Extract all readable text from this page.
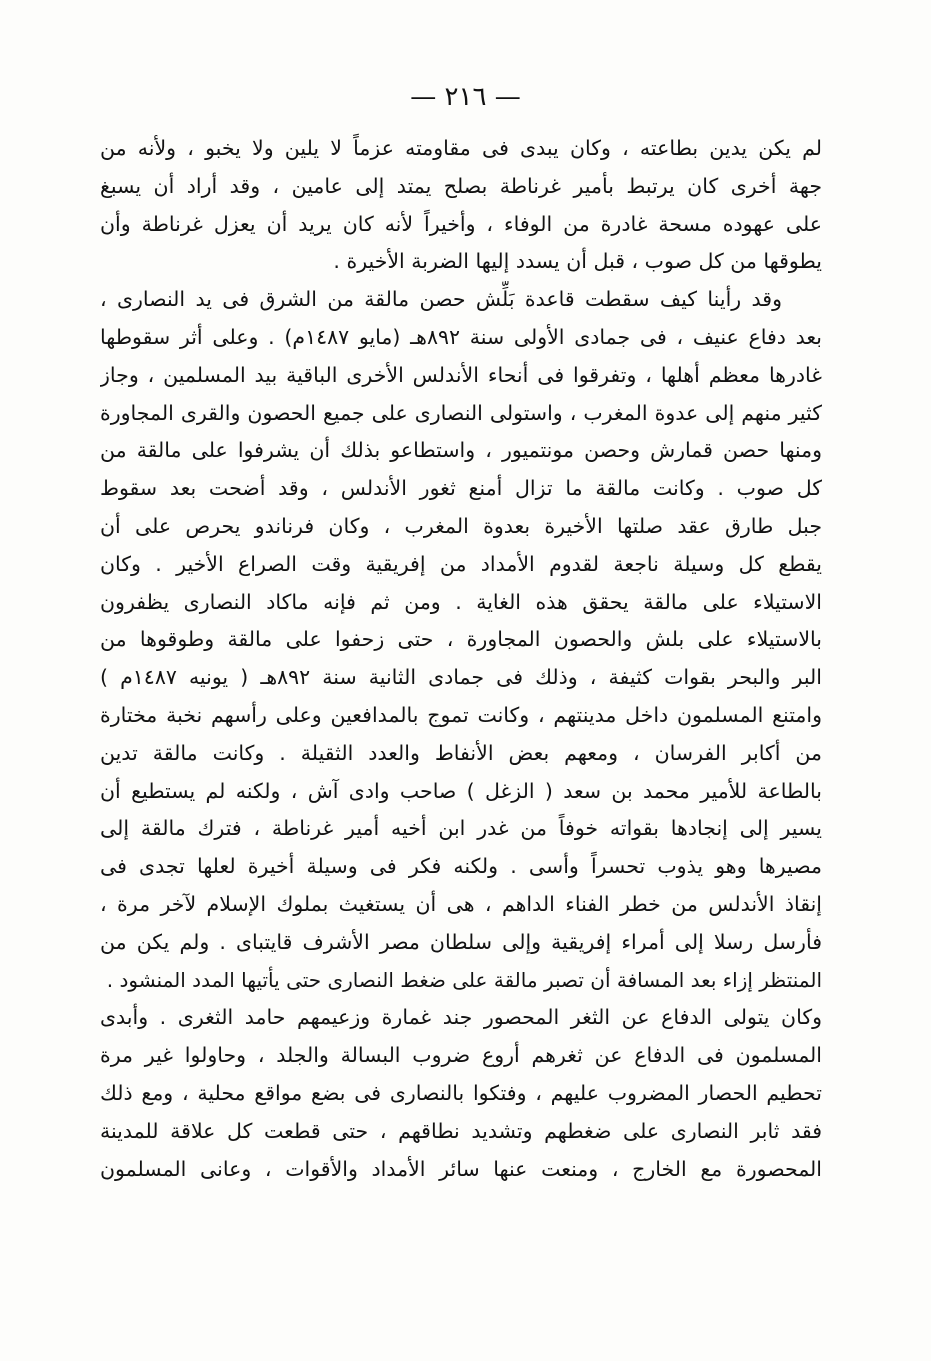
— ٢١٦ —
لم يكن يدين بطاعته ، وكان يبدى فى مقاومته عزماً لا يلين ولا يخبو ، ولأنه من
جهة أخرى كان يرتبط بأمير غرناطة بصلح يمتد إلى عامين ، وقد أراد أن يسبغ
على عهوده مسحة غادرة من الوفاء ، وأخيراً لأنه كان يريد أن يعزل غرناطة وأن
يطوقها من كل صوب ، قبل أن يسدد إليها الضربة الأخيرة .
وقد رأينا كيف سقطت قاعدة بَلِّش حصن مالقة من الشرق فى يد النصارى ،
بعد دفاع عنيف ، فى جمادى الأولى سنة ٨٩٢هـ (مايو ١٤٨٧م) . وعلى أثر سقوطها
غادرها معظم أهلها ، وتفرقوا فى أنحاء الأندلس الأخرى الباقية بيد المسلمين ، وجاز
كثير منهم إلى عدوة المغرب ، واستولى النصارى على جميع الحصون والقرى المجاورة
ومنها حصن قمارش وحصن مونتميور ، واستطاعو بذلك أن يشرفوا على مالقة من
كل صوب . وكانت مالقة ما تزال أمنع ثغور الأندلس ، وقد أضحت بعد سقوط
جبل طارق عقد صلتها الأخيرة بعدوة المغرب ، وكان فرناندو يحرص على أن
يقطع كل وسيلة ناجعة لقدوم الأمداد من إفريقية وقت الصراع الأخير . وكان
الاستيلاء على مالقة يحقق هذه الغاية . ومن ثم فإنه ماكاد النصارى يظفرون
بالاستيلاء على بلش والحصون المجاورة ، حتى زحفوا على مالقة وطوقوها من
البر والبحر بقوات كثيفة ، وذلك فى جمادى الثانية سنة ٨٩٢هـ ( يونيه ١٤٨٧م )
وامتنع المسلمون داخل مدينتهم ، وكانت تموج بالمدافعين وعلى رأسهم نخبة مختارة
من أكابر الفرسان ، ومعهم بعض الأنفاط والعدد الثقيلة . وكانت مالقة تدين
بالطاعة للأمير محمد بن سعد ( الزغل ) صاحب وادى آش ، ولكنه لم يستطيع أن
يسير إلى إنجادها بقواته خوفاً من غدر ابن أخيه أمير غرناطة ، فترك مالقة إلى
مصيرها وهو يذوب تحسراً وأسى . ولكنه فكر فى وسيلة أخيرة لعلها تجدى فى
إنقاذ الأندلس من خطر الفناء الداهم ، هى أن يستغيث بملوك الإسلام لآخر مرة ،
فأرسل رسلا إلى أمراء إفريقية وإلى سلطان مصر الأشرف قايتباى . ولم يكن من
المنتظر إزاء بعد المسافة أن تصبر مالقة على ضغط النصارى حتى يأتيها المدد المنشود .
وكان يتولى الدفاع عن الثغر المحصور جند غمارة وزعيمهم حامد الثغرى . وأبدى
المسلمون فى الدفاع عن ثغرهم أروع ضروب البسالة والجلد ، وحاولوا غير مرة
تحطيم الحصار المضروب عليهم ، وفتكوا بالنصارى فى بضع مواقع محلية ، ومع ذلك
فقد ثابر النصارى على ضغطهم وتشديد نطاقهم ، حتى قطعت كل علاقة للمدينة
المحصورة مع الخارج ، ومنعت عنها سائر الأمداد والأقوات ، وعانى المسلمون
